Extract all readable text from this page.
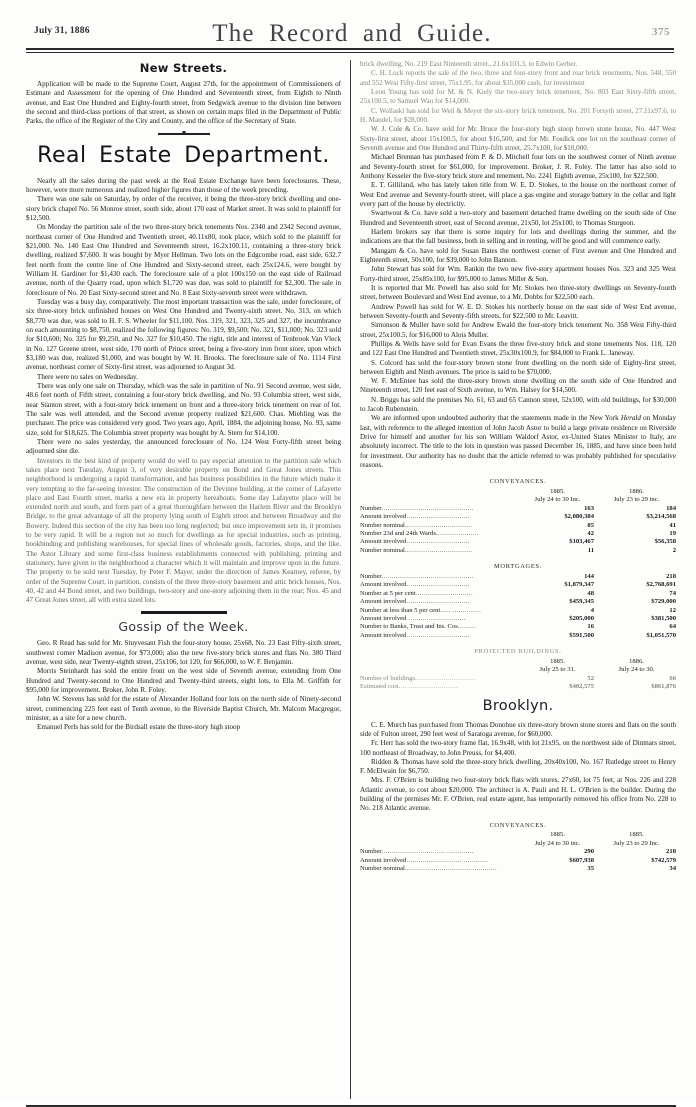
July 31, 1886	The Record and Guide.	375
New Streets.

Application will be made to the Supreme Court, August 27th, for the appointment of Commissioners of Estimate and Assessment for the opening of One Hundred and Seventeenth street, from Eighth to Ninth avenue, and East One Hundred and Eighty-fourth street, from Sedgwick avenue to the division line between the second and third-class portions of that street, as shown on certain maps filed in the Department of Public Parks, the office of the Register of the City and County, and the office of the Secretary of State.

Real Estate Department.

Nearly all the sales during the past week at the Real Estate Exchange have been foreclosures. These, however, were more numerous and realized higher figures than those of the week preceding.

There was one sale on Saturday, by order of the receiver, it being the three-story brick dwelling and one-story brick chapel No. 56 Monroe street, south side, about 170 east of Market street. It was sold to plaintiff for $12,500.

On Monday the partition sale of the two three-story brick tenements Nos. 2340 and 2342 Second avenue, northeast corner of One Hundred and Twentieth street, 40.11x80, took place, which sold to the plaintiff for $21,000. No. 140 East One Hundred and Seventeenth street, 16.2x100.11, containing a three-story brick dwelling, realized $7,600. It was bought by Myer Hellman. Two lots on the Edgcombe road, east side, 632.7 feet north from the centre line of One Hundred and Sixty-second street, each 25x124.6, were bought by William H. Gardiner for $1,430 each. The foreclosure sale of a plot 100x150 on the east side of Railroad avenue, north of the Quarry road, upon which $1,720 was due, was sold to plaintiff for $2,300. The sale in foreclosure of No. 20 East Sixty-second street and No. 8 East Sixty-seventh street were withdrawn.

Tuesday was a busy day, comparatively. The most important transaction was the sale, under foreclosure, of six three-story brick unfinished houses on West One Hundred and Twenty-sixth street. No. 313, on which $8,770 was due, was sold to H. F. S. Wheeler for $11,100. Nos. 319, 321, 323, 325 and 327, the incumbrance on each amounting to $8,750, realized the following figures: No. 319, $9,500; No. 321, $11,000; No. 323 sold for $10,600; No. 325 for $9,250, and No. 327 for $10,450. The right, title and interest of Tenbrook Van Vleck in No. 127 Greene street, west side, 170 north of Prince street, being a five-story iron front store, upon which $3,180 was due, realized $1,000, and was bought by W. H. Brooks. The foreclosure sale of No. 1114 First avenue, northeast corner of Sixty-first street, was adjourned to August 3d.

There were no sales on Wednesday.

There was only one sale on Thursday, which was the sale in partition of No. 91 Second avenue, west side, 48.6 feet north of Fifth street, containing a four-story brick dwelling, and No. 93 Columbia street, west side, near Stanton street, with a four-story brick tenement on front and a three-story brick tenement on rear of lot. The sale was well attended, and the Second avenue property realized $21,600. Chas. Miehling was the purchaser. The price was considered very good. Two years ago, April, 1884, the adjoining house, No. 93, same size, sold for $18,625. The Columbia street property was bought by A. Stern for $14,100.

There were no sales yesterday, the announced foreclosure of No. 124 West Forty-fifth street being adjourned sine die.

Investors in the best kind of property would do well to pay especial attention to the partition sale which takes place next Tuesday, August 3, of very desirable property on Bond and Great Jones streets. This neighborhood is undergoing a rapid transformation, and has business possibilities in the future which make it very tempting to the far-seeing investor. The construction of the Devinne building, at the corner of Lafayette place and East Fourth street, marks a new era in property hereabouts. Some day Lafayette place will be extended north and south, and form part of a great thoroughfare between the Harlem River and the Brooklyn Bridge, to the great advantage of all the property lying south of Eighth street and between Broadway and the Bowery. Indeed this section of the city has been too long neglected; but once improvement sets in, it promises to be very rapid. It will be a region not so much for dwellings as for special industries, such as printing, bookbinding and publishing warehouses, for special lines of wholesale goods, factories, shops, and the like. The Astor Library and some first-class business establishments connected with publishing, printing and stationery, have given to the neighborhood a character which it will maintain and improve upon in the future. The property to be sold next Tuesday, by Peter F. Mayer, under the direction of James Kearney, referee, by order of the Supreme Court, in partition, consists of the three three-story basement and attic brick houses, Nos. 40, 42 and 44 Bond street, and two buildings, two-story and one-story adjoining them in the rear; Nos. 45 and 47 Great Jones street, all with extra sized lots.

Gossip of the Week.

Geo. R Read has sold for Mr. Stuyvesant Fish the four-story house, 25x68, No. 23 East Fifty-sixth street, southwest corner Madison avenue, for $73,000; also the new five-story brick stores and flats No. 380 Third avenue, west side, near Twenty-eighth street, 25x106, lot 120, for $66,000, to W. F. Benjamin.

Morris Steinhardt has sold the entire front on the west side of Seventh avenue, extending from One Hundred and Twenty-second to One Hundred and Twenty-third streets, eight lots, to Ella M. Griffith for $95,000 for improvement. Broker, John R. Foley.

John W. Stevens has sold for the estate of Alexander Holland four lots on the north side of Ninety-second street, commencing 225 feet east of Tenth avenue, to the Riverside Baptist Church, Mr. Malcom Macgregor, minister, as a site for a new church.

Emanuel Perls has sold for the Birdsall estate the three-story high stoop

brick dwelling, No. 219 East Ninteenth strret., 21.6x103.3, to Edwin Gerber.

C. H. Lock reports the sale of the two, three and four-story front and rear brick tenements, Nos. 548, 550 and 552 West Fifty-first street, 75x1.95, for about $35,000 cash, for investment

Leon Young has sold for M. & N. Kiely the two-story brick tenement, No. 803 East Sixty-fifth street, 25x100.5, to Samuel Wau for $14,000.

C. Wollaski has sold for Weil & Meyer the six-story brick tenement, No. 201 Forsyth street, 27.11x97.6, to H. Mandel, for $28,000.

W. J. Cole & Co. have sold for Mr. Bruce the four-story high stoop brown stone house, No. 447 West Sixty-first street, about 15x100.5, for about $16,500, and for Mr. Fosdick one lot on the southeast corner of Seventh avenue and One Hundred and Thirty-fifth street, 25.7x100, for $10,000.

Michael Brennan has purchased from P. & D. Mitchell four lots on the southwest corner of Ninth avenue and Seventy-fourth street for $61,000, for improvement. Broker, J. R. Foley. The latter has also sold to Anthony Kesseler the five-story brick store and tenement, No. 2241 Eighth avenue, 25x100, for $22,500.

E. T. Gilliland, who has lately taken title from W. E. D. Stokes, to the house on the northeast corner of West End avenue and Seventy-fourth street, will place a gas engine and storage battery in the cellar and light every part of the house by electricity.

Swartwout & Co. have sold a two-story and basement detached frame dwelling on the south side of One Hundred and Seventeenth street, east of Second avenue, 21x50, lot 25x100, to Thomas Sturgeon.

Harlem brokers say that there is some inquiry for lots and dwellings during the summer, and the indications are that the fall business, both in selling and in renting, will be good and will commence early.

Mangam & Co. have sold for Susan Bates the northwest corner of First avenue and One Hundred and Eighteenth street, 50x100, for $39,000 to John Bannon.

John Stewart has sold for Wm. Rankin the two new five-story apartment houses Nos. 323 and 325 West Forty-third street, 25x85x100, for $95,000 to James Miller & Son.

It is reported that Mr. Powell has also sold for Mr. Stokes two three-story dwellings on Seventy-fourth street, between Boulevard and West End avenue, to a Mr. Dobbs for $22,500 each.

Andrew Powell has sold for W. E. D. Stokes his northerly house on the east side of West End avenue, between Seventy-fourth and Seventy-fifth streets, for $22,500 to Mr. Leavitt.

Simonson & Muller have sold for Andrew Ewald the four-story brick tenement No. 358 West Fifty-third street, 25x100.5, for $16,000 to Alois Muller.

Phillips & Wells have sold for Evan Evans the three five-story brick and stone tenements Nos. 118, 120 and 122 East One Hundred and Twentieth street, 25x30x100.9, for $84,000 to Frank L. Janeway.

S. Colcord has sold the four-story brown stone front dwelling on the north side of Eighty-first street, between Eighth and Ninth avenues. The price is said to be $70,000.

W. F. McEntee has sold the three-story brown stone dwelling on the south side of One Hundred and Nineteenth street, 120 feet east of Sixth avenue, to Wm. Halsey for $14,500.

N. Briggs has sold the premises No. 61, 63 and 65 Cannon street, 52x100, with old buildings, for $30,000 to Jacob Rubenstein.

We are informed upon undoubted authority that the statements made in the New York Herald on Monday last, with reference to the alleged intention of John Jacob Astor to build a large private residence on Riverside Drive for himself and another for his son William Waldorf Astor, ex-United States Minister to Italy, are absolutely incorrect. The title to the lots in question was passed December 16, 1885, and have since been held for investment. Our authority has no doubt that the article referred to was probably published for speculative reasons.

CONVEYANCES.

	1885.
July 24 to 30 Inc.	1886.
July 23 to 29 inc.
Number.............................................	163	184
Amount involved...............................	$2,080,384	$3,214,568
Number nominal.................................	85	41
Number 23d and 24th Wards.....................	42	19
Amount involved...............................	$103,467	$56,358
Number nominal.................................	11	2
MORTGAGES.
Number.............................................	144	218
Amount involved...............................	$1,879,347	$2,768,691
Number at 5 per cent............................	48	74
Amount involved...............................	$459,345	$729,000
Number at less than 5 per cent..... ..............	4	12
Amount involved ............................	$205,000	$381,500
Number to Banks, Trust and Ins. Cos.........	16	64
Amount involved...............................	$591,500	$1,051,570
PROJECTED BUILDINGS.

	1885.
July 25 to 31.	1886.
July 24 to 30.
Number of buildings..............................	52	66
Estimated cost.... ........................	$402,575	$861,876
Brooklyn.

C. E. Murch has purchased from Thomas Donohue six three-story brown stone stores and flats on the south side of Fulton street, 290 feet west of Saratoga avenue, for $60,000.

Fr. Herr has sold the two-story frame flat, 16.9x48, with lot 21x95, on the northwest side of Dinmars street, 100 northeast of Broadway, to John Preuss, for $4,400.

Ridden & Thomas have sold the three-story brick dwelling, 20x40x100, No. 167 Rutledge street to Henry F. McElwain for $6,750.

Mrs. F. O'Brien is building two four-story brick flats with stores, 27x60, lot 75 feet, at Nos. 226 and 228 Atlantic avenue, to cost about $20,000. The architect is A. Pauli and H. L. O'Brien is the builder. During the building of the premises Mr. F. O'Brien, real estate agent, has temporarily removed his office from No. 228 to No. 218 Atlantic avenue.

CONVEYANCES.

	1885.
July 24 to 30 inc.	1885.
July 23 to 29 Inc.
Number............................... .............	290	218
Amount involved........................... ............	$607,938	$742,579
Number nominal.............................................	35	34
